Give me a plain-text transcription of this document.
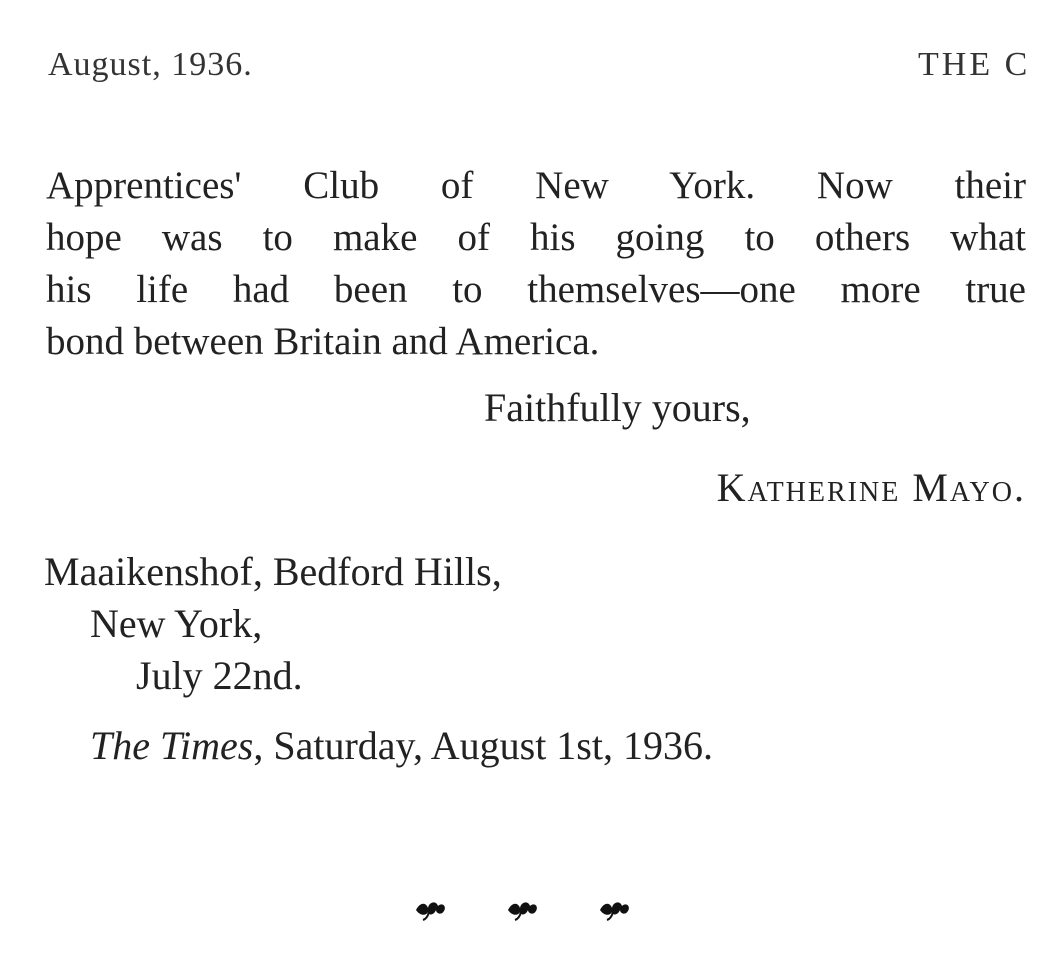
August, 1936.	THE C

Apprentices' Club of New York. Now their
hope was to make of his going to others what
his life had been to themselves—one more true
bond between Britain and America.

Faithfully yours,
Katherine Mayo.
Maaikenshof, Bedford Hills,
New York,
July 22nd.
The Times, Saturday, August 1st, 1936.
